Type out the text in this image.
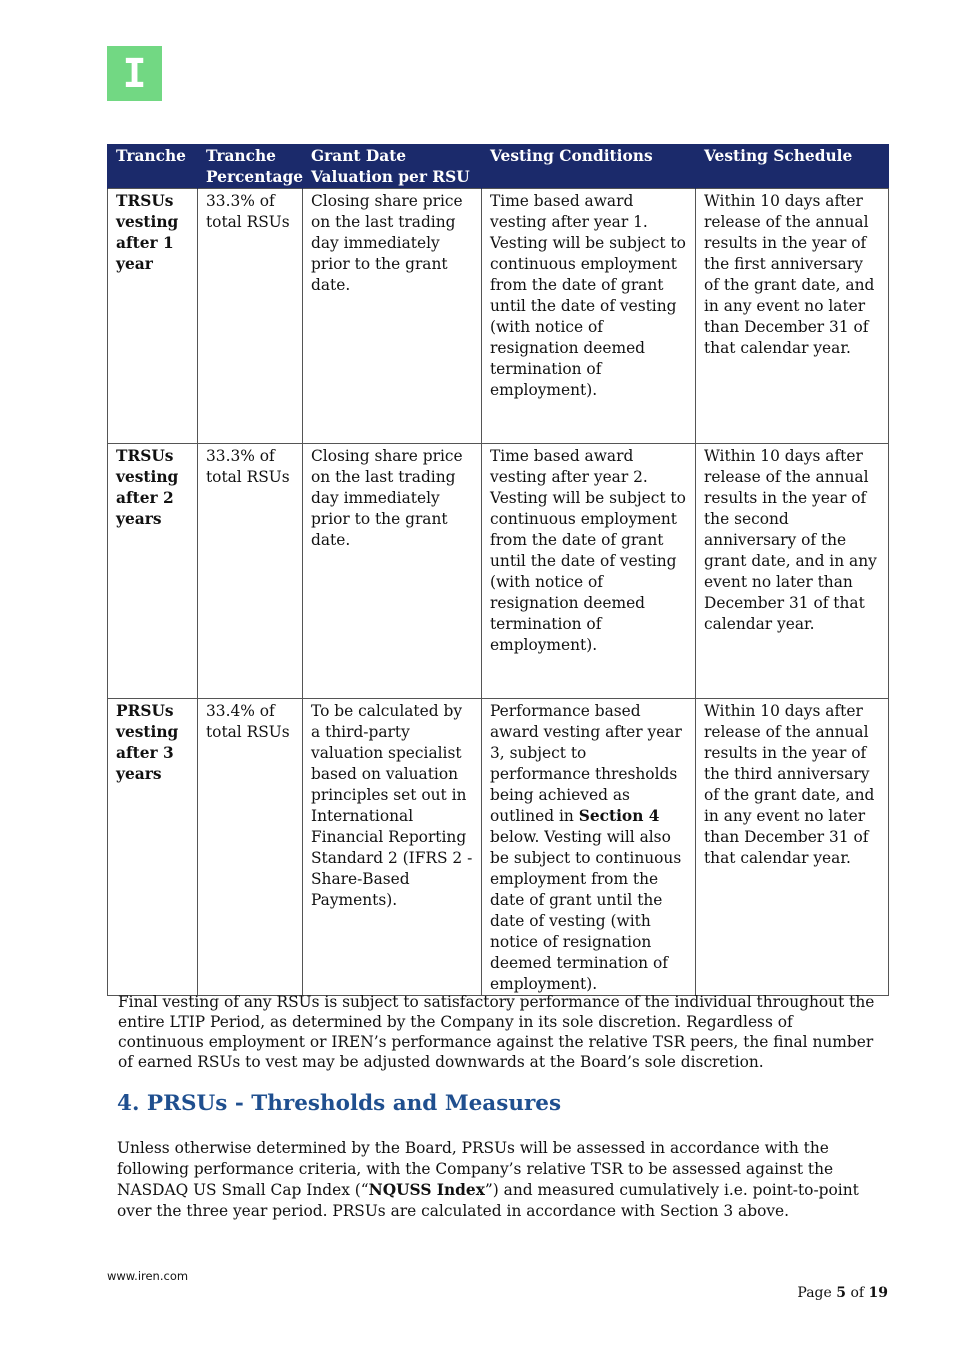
I
Tranche	Tranche Percentage	Grant Date Valuation per RSU	Vesting Conditions	Vesting Schedule
TRSUs vesting after 1 year	33.3% of total RSUs	Closing share price on the last trading day immediately prior to the grant date.	Time based award vesting after year 1. Vesting will be subject to continuous employment from the date of grant until the date of vesting (with notice of resignation deemed termination of employment).	Within 10 days after release of the annual results in the year of the first anniversary of the grant date, and in any event no later than December 31 of that calendar year.
TRSUs vesting after 2 years	33.3% of total RSUs	Closing share price on the last trading day immediately prior to the grant date.	Time based award vesting after year 2. Vesting will be subject to continuous employment from the date of grant until the date of vesting (with notice of resignation deemed termination of employment).	Within 10 days after release of the annual results in the year of the second anniversary of the grant date, and in any event no later than December 31 of that calendar year.
PRSUs vesting after 3 years	33.4% of total RSUs	To be calculated by a third-party valuation specialist based on valuation principles set out in International Financial Reporting Standard 2 (IFRS 2 - Share-Based Payments).	Performance based award vesting after year 3, subject to performance thresholds being achieved as outlined in Section 4 below. Vesting will also be subject to continuous employment from the date of grant until the date of vesting (with notice of resignation deemed termination of employment).	Within 10 days after release of the annual results in the year of the third anniversary of the grant date, and in any event no later than December 31 of that calendar year.

Final vesting of any RSUs is subject to satisfactory performance of the individual throughout the entire LTIP Period, as determined by the Company in its sole discretion. Regardless of continuous employment or IREN’s performance against the relative TSR peers, the final number of earned RSUs to vest may be adjusted downwards at the Board’s sole discretion.

4. PRSUs - Thresholds and Measures

Unless otherwise determined by the Board, PRSUs will be assessed in accordance with the following performance criteria, with the Company’s relative TSR to be assessed against the NASDAQ US Small Cap Index (“NQUSS Index”) and measured cumulatively i.e. point-to-point over the three year period. PRSUs are calculated in accordance with Section 3 above.

www.iren.com
Page 5 of 19
